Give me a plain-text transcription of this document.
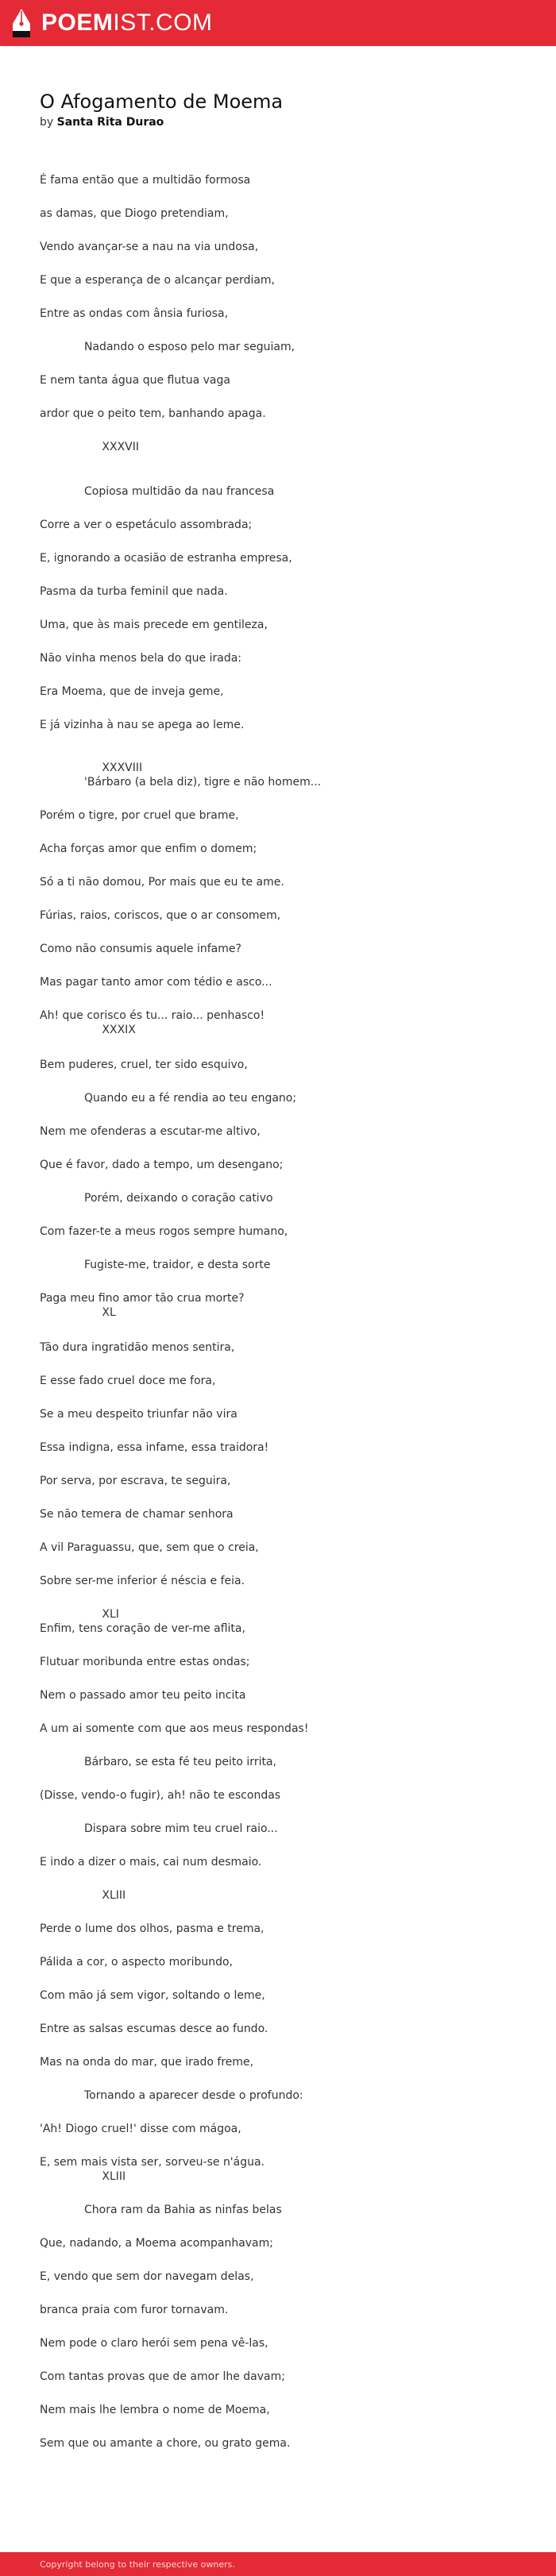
POEMIST.COM
O Afogamento de Moema
by Santa Rita Durao
É fama então que a multidão formosa
as damas, que Diogo pretendiam,
Vendo avançar-se a nau na via undosa,
E que a esperança de o alcançar perdiam,
Entre as ondas com ânsia furiosa,
Nadando o esposo pelo mar seguiam,
E nem tanta água que flutua vaga
ardor que o peito tem, banhando apaga.
XXXVII
Copiosa multidão da nau francesa
Corre a ver o espetáculo assombrada;
E, ignorando a ocasião de estranha empresa,
Pasma da turba feminil que nada.
Uma, que às mais precede em gentileza,
Não vinha menos bela do que irada:
Era Moema, que de inveja geme,
E já vizinha à nau se apega ao leme.
XXXVIII
'Bárbaro (a bela diz), tigre e não homem...
Porém o tigre, por cruel que brame,
Acha forças amor que enfim o domem;
Só a ti não domou, Por mais que eu te ame.
Fúrias, raios, coriscos, que o ar consomem,
Como não consumis aquele infame?
Mas pagar tanto amor com tédio e asco...
Ah! que corisco és tu... raio... penhasco!
XXXIX
Bem puderes, cruel, ter sido esquivo,
Quando eu a fé rendia ao teu engano;
Nem me ofenderas a escutar-me altivo,
Que é favor, dado a tempo, um desengano;
Porém, deixando o coração cativo
Com fazer-te a meus rogos sempre humano,
Fugiste-me, traidor, e desta sorte
Paga meu fino amor tão crua morte?
XL
Tão dura ingratidão menos sentira,
E esse fado cruel doce me fora,
Se a meu despeito triunfar não vira
Essa indigna, essa infame, essa traidora!
Por serva, por escrava, te seguira,
Se não temera de chamar senhora
A vil Paraguassu, que, sem que o creia,
Sobre ser-me inferior é néscia e feia.
XLI
Enfim, tens coração de ver-me aflita,
Flutuar moribunda entre estas ondas;
Nem o passado amor teu peito incita
A um ai somente com que aos meus respondas!
Bárbaro, se esta fé teu peito irrita,
(Disse, vendo-o fugir), ah! não te escondas
Dispara sobre mim teu cruel raio...
E indo a dizer o mais, cai num desmaio.
XLIII
Perde o lume dos olhos, pasma e trema,
Pálida a cor, o aspecto moribundo,
Com mão já sem vigor, soltando o leme,
Entre as salsas escumas desce ao fundo.
Mas na onda do mar, que irado freme,
Tornando a aparecer desde o profundo:
'Ah! Diogo cruel!' disse com mágoa,
E, sem mais vista ser, sorveu-se n'água.
XLIII
Chora ram da Bahia as ninfas belas
Que, nadando, a Moema acompanhavam;
E, vendo que sem dor navegam delas,
branca praia com furor tornavam.
Nem pode o claro herói sem pena vê-las,
Com tantas provas que de amor lhe davam;
Nem mais lhe lembra o nome de Moema,
Sem que ou amante a chore, ou grato gema.
Copyright belong to their respective owners.
